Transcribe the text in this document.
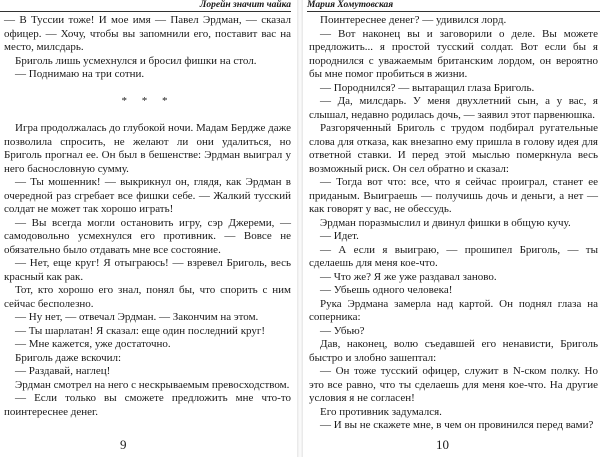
Лорейн значит чайка

— В Туссии тоже! И мое имя — Павел Эрдман, — сказал офицер. — Хочу, чтобы вы запомнили его, поставит вас на место, милсдарь.

Бриголь лишь усмехнулся и бросил фишки на стол.

— Поднимаю на три сотни.

* * *

Игра продолжалась до глубокой ночи. Мадам Бердже даже позволила спросить, не желают ли они удалиться, но Бриголь прогнал ее. Он был в бешенстве: Эрдман выиграл у него баснословную сумму.

— Ты мошенник! — выкрикнул он, глядя, как Эрдман в очередной раз сгребает все фишки себе. — Жалкий тусский солдат не может так хорошо играть!

— Вы всегда могли остановить игру, сэр Джереми, — самодовольно усмехнулся его противник. — Вовсе не обязательно было отдавать мне все состояние.

— Нет, еще круг! Я отыграюсь! — взревел Бриголь, весь красный как рак.

Тот, кто хорошо его знал, понял бы, что спорить с ним сейчас бесполезно.

— Ну нет, — отвечал Эрдман. — Закончим на этом.

— Ты шарлатан! Я сказал: еще один последний круг!

— Мне кажется, уже достаточно.

Бриголь даже вскочил:

— Раздавай, наглец!

Эрдман смотрел на него с нескрываемым превосходством.

— Если только вы сможете предложить мне что-то поинтереснее денег.

9
Мария Хомутовская

Поинтереснее денег? — удивился лорд.

— Вот наконец вы и заговорили о деле. Вы можете предложить... я простой тусский солдат. Вот если бы я породнился с уважаемым британским лордом, он вероятно бы мне помог пробиться в жизни.

— Породнился? — вытаращил глаза Бриголь.

— Да, милсдарь. У меня двухлетний сын, а у вас, я слышал, недавно родилась дочь, — заявил этот парвенюшка.

Разгоряченный Бриголь с трудом подбирал ругательные слова для отказа, как внезапно ему пришла в голову идея для ответной ставки. И перед этой мыслью померкнула весь возможный риск. Он сел обратно и сказал:

— Тогда вот что: все, что я сейчас проиграл, станет ее приданым. Выиграешь — получишь дочь и деньги, а нет — как говорят у вас, не обессудь.

Эрдман поразмыслил и двинул фишки в общую кучу.

— Идет.

— А если я выиграю, — прошипел Бриголь, — ты сделаешь для меня кое-что.

— Что же? Я же уже раздавал заново.

— Убьешь одного человека!

Рука Эрдмана замерла над картой. Он поднял глаза на соперника:

— Убью?

Дав, наконец, волю съедавшей его ненависти, Бриголь быстро и злобно зашептал:

— Он тоже тусский офицер, служит в N-ском полку. Но это все равно, что ты сделаешь для меня кое-что. На другие условия я не согласен!

Его противник задумался.

— И вы не скажете мне, в чем он провинился перед вами?

10
